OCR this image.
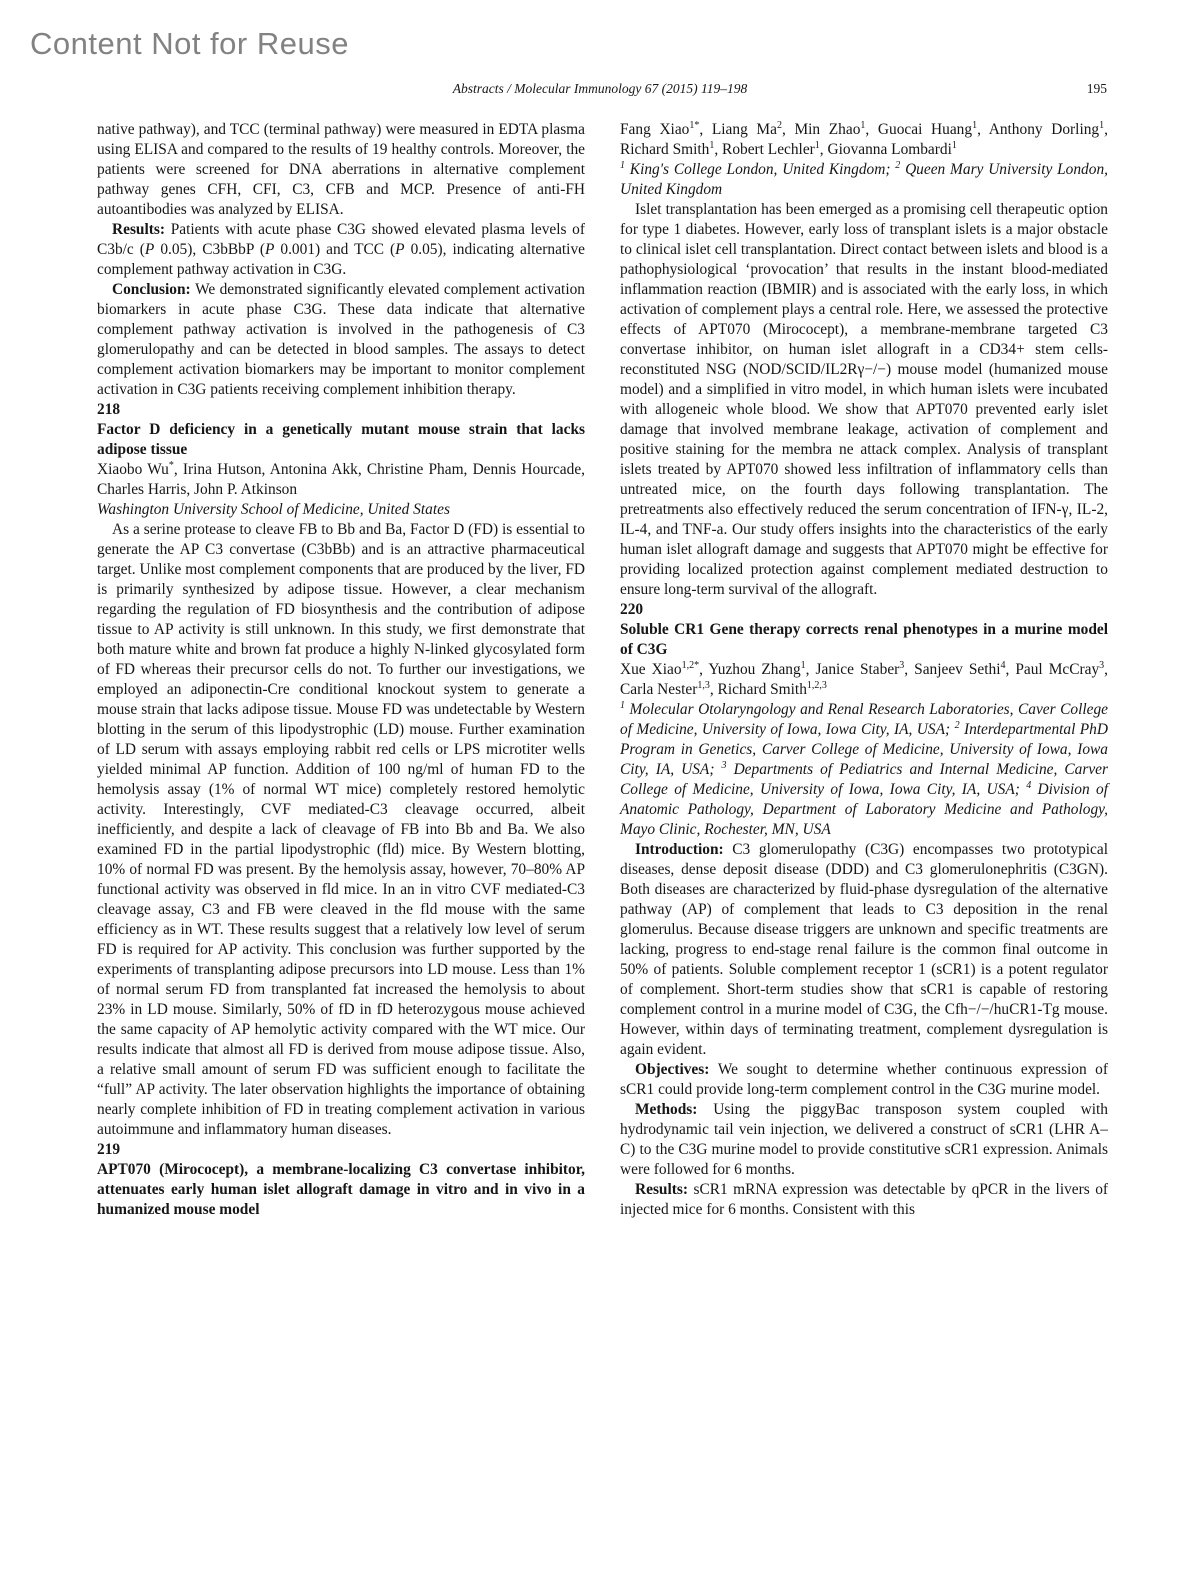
Content Not for Reuse
Abstracts / Molecular Immunology 67 (2015) 119–198	195

native pathway), and TCC (terminal pathway) were measured in EDTA plasma using ELISA and compared to the results of 19 healthy controls. Moreover, the patients were screened for DNA aberrations in alternative complement pathway genes CFH, CFI, C3, CFB and MCP. Presence of anti-FH autoantibodies was analyzed by ELISA.

Results: Patients with acute phase C3G showed elevated plasma levels of C3b/c (P 0.05), C3bBbP (P 0.001) and TCC (P 0.05), indicating alternative complement pathway activation in C3G.

Conclusion: We demonstrated significantly elevated complement activation biomarkers in acute phase C3G. These data indicate that alternative complement pathway activation is involved in the pathogenesis of C3 glomerulopathy and can be detected in blood samples. The assays to detect complement activation biomarkers may be important to monitor complement activation in C3G patients receiving complement inhibition therapy.

218

Factor D deficiency in a genetically mutant mouse strain that lacks adipose tissue

Xiaobo Wu*, Irina Hutson, Antonina Akk, Christine Pham, Dennis Hourcade, Charles Harris, John P. Atkinson

Washington University School of Medicine, United States

As a serine protease to cleave FB to Bb and Ba, Factor D (FD) is essential to generate the AP C3 convertase (C3bBb) and is an attractive pharmaceutical target. Unlike most complement components that are produced by the liver, FD is primarily synthesized by adipose tissue. However, a clear mechanism regarding the regulation of FD biosynthesis and the contribution of adipose tissue to AP activity is still unknown. In this study, we first demonstrate that both mature white and brown fat produce a highly N-linked glycosylated form of FD whereas their precursor cells do not. To further our investigations, we employed an adiponectin-Cre conditional knockout system to generate a mouse strain that lacks adipose tissue. Mouse FD was undetectable by Western blotting in the serum of this lipodystrophic (LD) mouse. Further examination of LD serum with assays employing rabbit red cells or LPS microtiter wells yielded minimal AP function. Addition of 100 ng/ml of human FD to the hemolysis assay (1% of normal WT mice) completely restored hemolytic activity. Interestingly, CVF mediated-C3 cleavage occurred, albeit inefficiently, and despite a lack of cleavage of FB into Bb and Ba. We also examined FD in the partial lipodystrophic (fld) mice. By Western blotting, 10% of normal FD was present. By the hemolysis assay, however, 70–80% AP functional activity was observed in fld mice. In an in vitro CVF mediated-C3 cleavage assay, C3 and FB were cleaved in the fld mouse with the same efficiency as in WT. These results suggest that a relatively low level of serum FD is required for AP activity. This conclusion was further supported by the experiments of transplanting adipose precursors into LD mouse. Less than 1% of normal serum FD from transplanted fat increased the hemolysis to about 23% in LD mouse. Similarly, 50% of fD in fD heterozygous mouse achieved the same capacity of AP hemolytic activity compared with the WT mice. Our results indicate that almost all FD is derived from mouse adipose tissue. Also, a relative small amount of serum FD was sufficient enough to facilitate the “full” AP activity. The later observation highlights the importance of obtaining nearly complete inhibition of FD in treating complement activation in various autoimmune and inflammatory human diseases.

219

APT070 (Mirococept), a membrane-localizing C3 convertase inhibitor, attenuates early human islet allograft damage in vitro and in vivo in a humanized mouse model

Fang Xiao$^{1*}$, Liang Ma$^2$, Min Zhao$^1$, Guocai Huang$^1$, Anthony Dorling$^1$, Richard Smith$^1$, Robert Lechler$^1$, Giovanna Lombardi$^1$

$^1$ King's College London, United Kingdom; $^2$ Queen Mary University London, United Kingdom

Islet transplantation has been emerged as a promising cell therapeutic option for type 1 diabetes. However, early loss of transplant islets is a major obstacle to clinical islet cell transplantation. Direct contact between islets and blood is a pathophysiological ‘provocation’ that results in the instant blood-mediated inflammation reaction (IBMIR) and is associated with the early loss, in which activation of complement plays a central role. Here, we assessed the protective effects of APT070 (Mirococept), a membrane-membrane targeted C3 convertase inhibitor, on human islet allograft in a CD34+ stem cells-reconstituted NSG (NOD/SCID/IL2Rγ−/−) mouse model (humanized mouse model) and a simplified in vitro model, in which human islets were incubated with allogeneic whole blood. We show that APT070 prevented early islet damage that involved membrane leakage, activation of complement and positive staining for the membra ne attack complex. Analysis of transplant islets treated by APT070 showed less infiltration of inflammatory cells than untreated mice, on the fourth days following transplantation. The pretreatments also effectively reduced the serum concentration of IFN-γ, IL-2, IL-4, and TNF-a. Our study offers insights into the characteristics of the early human islet allograft damage and suggests that APT070 might be effective for providing localized protection against complement mediated destruction to ensure long-term survival of the allograft.

220

Soluble CR1 Gene therapy corrects renal phenotypes in a murine model of C3G

Xue Xiao$^{1,2*}$, Yuzhou Zhang$^1$, Janice Staber$^3$, Sanjeev Sethi$^4$, Paul McCray$^3$, Carla Nester$^{1,3}$, Richard Smith$^{1,2,3}$

$^1$ Molecular Otolaryngology and Renal Research Laboratories, Caver College of Medicine, University of Iowa, Iowa City, IA, USA; $^2$ Interdepartmental PhD Program in Genetics, Carver College of Medicine, University of Iowa, Iowa City, IA, USA; $^3$ Departments of Pediatrics and Internal Medicine, Carver College of Medicine, University of Iowa, Iowa City, IA, USA; $^4$ Division of Anatomic Pathology, Department of Laboratory Medicine and Pathology, Mayo Clinic, Rochester, MN, USA

Introduction: C3 glomerulopathy (C3G) encompasses two prototypical diseases, dense deposit disease (DDD) and C3 glomerulonephritis (C3GN). Both diseases are characterized by fluid-phase dysregulation of the alternative pathway (AP) of complement that leads to C3 deposition in the renal glomerulus. Because disease triggers are unknown and specific treatments are lacking, progress to end-stage renal failure is the common final outcome in 50% of patients. Soluble complement receptor 1 (sCR1) is a potent regulator of complement. Short-term studies show that sCR1 is capable of restoring complement control in a murine model of C3G, the Cfh−/−/huCR1-Tg mouse. However, within days of terminating treatment, complement dysregulation is again evident.

Objectives: We sought to determine whether continuous expression of sCR1 could provide long-term complement control in the C3G murine model.

Methods: Using the piggyBac transposon system coupled with hydrodynamic tail vein injection, we delivered a construct of sCR1 (LHR A–C) to the C3G murine model to provide constitutive sCR1 expression. Animals were followed for 6 months.

Results: sCR1 mRNA expression was detectable by qPCR in the livers of injected mice for 6 months. Consistent with this
